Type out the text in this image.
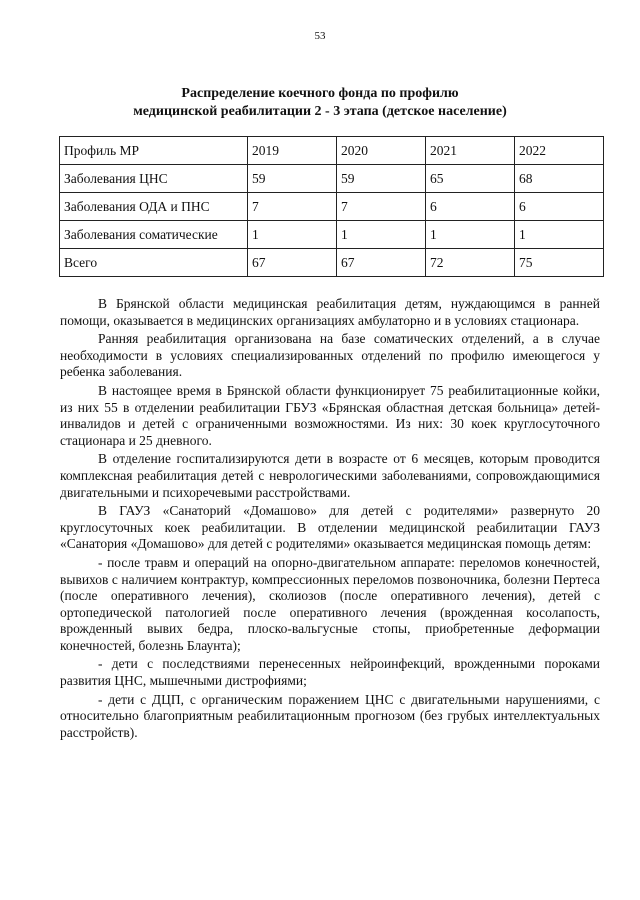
53
Распределение коечного фонда по профилю
медицинской реабилитации 2 - 3 этапа (детское население)
Профиль МР	2019	2020	2021	2022
Заболевания ЦНС	59	59	65	68
Заболевания ОДА и ПНС	7	7	6	6
Заболевания соматические	1	1	1	1
Всего	67	67	72	75

В Брянской области медицинская реабилитация детям, нуждающимся в ранней помощи, оказывается в медицинских организациях амбулаторно и в условиях стационара.

Ранняя реабилитация организована на базе соматических отделений, а в случае необходимости в условиях специализированных отделений по профилю имеющегося у ребенка заболевания.

В настоящее время в Брянской области функционирует 75 реабилитационные койки, из них 55 в отделении реабилитации ГБУЗ «Брянская областная детская больница» детей-инвалидов и детей с ограниченными возможностями. Из них: 30 коек круглосуточного стационара и 25 дневного.

В отделение госпитализируются дети в возрасте от 6 месяцев, которым проводится комплексная реабилитация детей с неврологическими заболеваниями, сопровождающимися двигательными и психоречевыми расстройствами.

В ГАУЗ «Санаторий «Домашово» для детей с родителями» развернуто 20 круглосуточных коек реабилитации. В отделении медицинской реабилитации ГАУЗ «Санатория «Домашово» для детей с родителями» оказывается медицинская помощь детям:

- после травм и операций на опорно-двигательном аппарате: переломов конечностей, вывихов с наличием контрактур, компрессионных переломов позвоночника, болезни Пертеса (после оперативного лечения), сколиозов (после оперативного лечения), детей с ортопедической патологией после оперативного лечения (врожденная косолапость, врожденный вывих бедра, плоско-вальгусные стопы, приобретенные деформации конечностей, болезнь Блаунта);

- дети с последствиями перенесенных нейроинфекций, врожденными пороками развития ЦНС, мышечными дистрофиями;

- дети с ДЦП, с органическим поражением ЦНС с двигательными нарушениями, с относительно благоприятным реабилитационным прогнозом (без грубых интеллектуальных расстройств).
